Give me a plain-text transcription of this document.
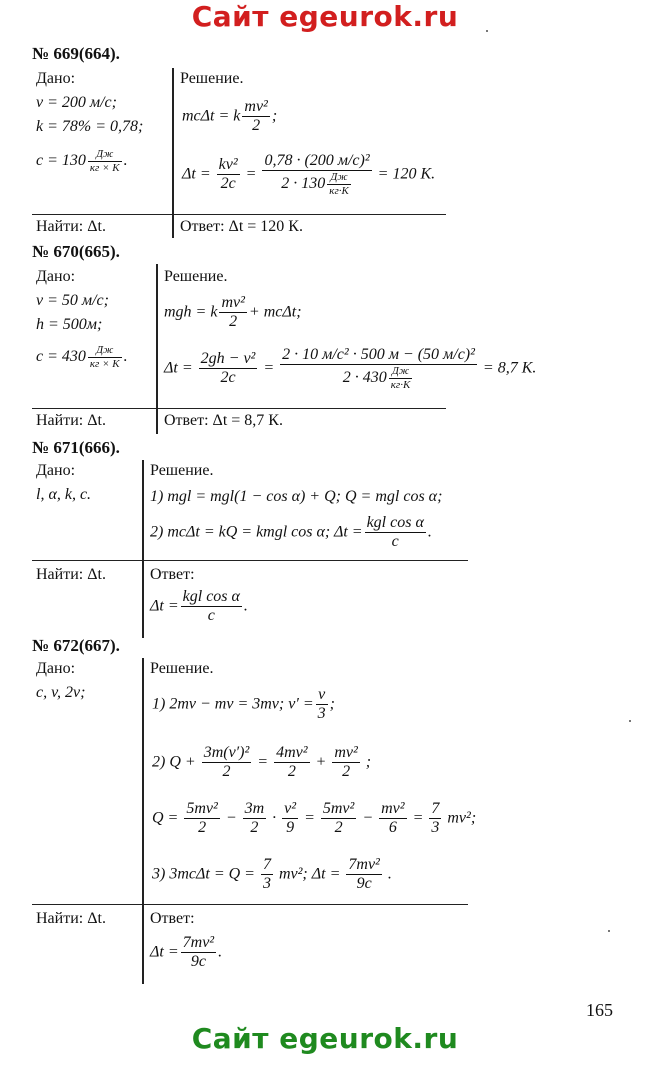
Сайт egeurok.ru
Сайт egeurok.ru
№ 669(664).
Дано:
v = 200 м/с;
k = 78% = 0,78;
$c = 130 \frac{Дж}{кг \times К}$ .
Решение.
mcΔt = k $\frac{\text{mv²}}{2}$ ;
$\Delta t = \frac{\text{kv²}}{2c} = \frac{\text{0,78 · (200 м/с)²}}{2 \cdot 130 \frac{Дж}{кг\cdot К}} = 120$ К.
Найти: Δt.	Ответ: Δt = 120 К.
№ 670(665).
Дано:
v = 50 м/с;
h = 500м;
$c = 430 \frac{Дж}{кг \times К}$ .
Решение.
mgh = k $\frac{\text{mv²}}{2} + mc\Delta t$;
$\Delta t = \frac{\text{2gh − v²}}{2c} = \frac{\text{2 · 10 м/с² · 500 м − (50 м/с)²}}{2 \cdot 430 \frac{Дж}{кг\cdot К}} = 8,7$ К.
Найти: Δt.	Ответ: Δt = 8,7 К.
№ 671(666).
Дано:
l, α, k, c.
Решение.
1) mgl = mgl(1 − cos α) + Q; Q = mgl cos α;
2) mcΔt = kQ = kmgl cos α; $\Delta t = \frac{\text{kgl cos α}}{c}$ .
Найти: Δt.	Ответ:
$\Delta t = \frac{\text{kgl cos α}}{c}$ .
№ 672(667).
Дано:
c, v, 2v;
Решение.
1) 2mv − mv = 3mv; $v' = \frac{v}{3}$ ;
2) $Q + \frac{\text{3m(v′)²}}{2} = \frac{\text{4mv²}}{2} + \frac{\text{mv²}}{2}$ ;
$Q = \frac{\text{5mv²}}{2} - \frac{3m}{2} \cdot \frac{\text{v²}}{9} = \frac{\text{5mv²}}{2} - \frac{\text{mv²}}{6} = \frac{7}{3} mv^2$;
3) $3mc\Delta t = Q = \frac{7}{3} mv^2$; $\Delta t = \frac{\text{7mv²}}{9c}$ .
Найти: Δt.	Ответ:
$\Delta t = \frac{\text{7mv²}}{9c}$ .
165
